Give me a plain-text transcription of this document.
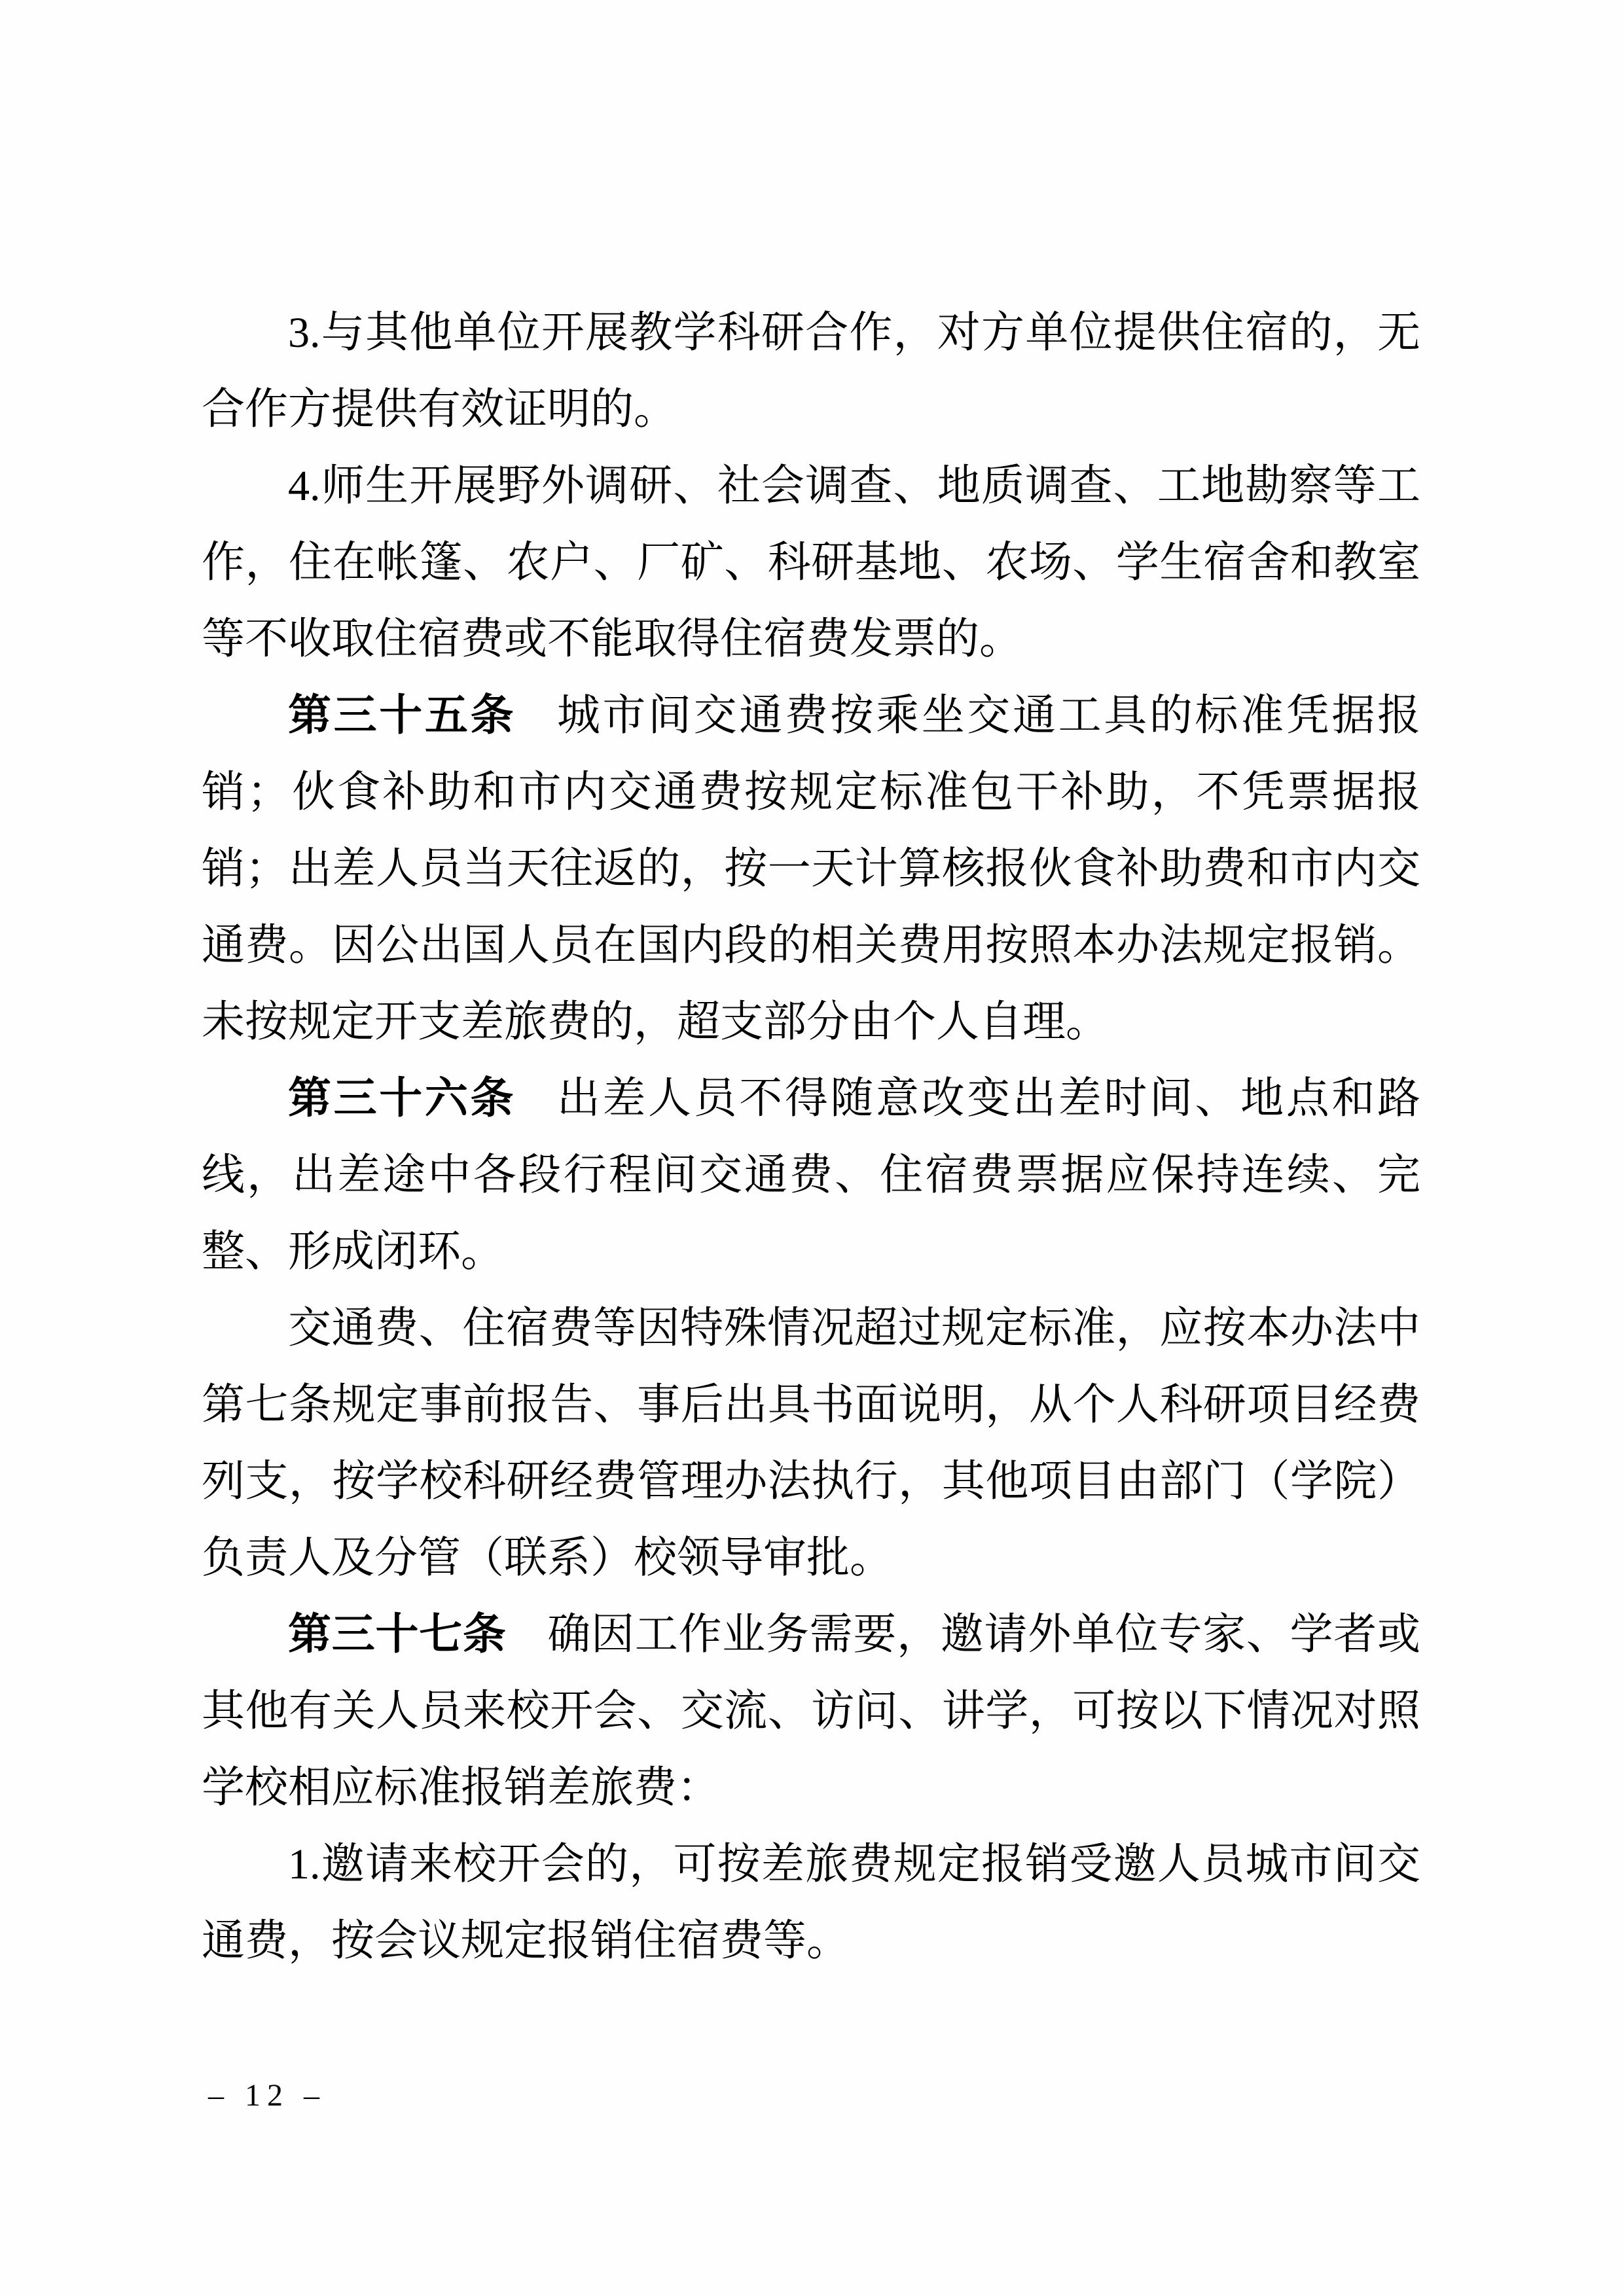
3.与其他单位开展教学科研合作，对方单位提供住宿的，无合作方提供有效证明的。

4.师生开展野外调研、社会调查、地质调查、工地勘察等工作，住在帐篷、农户、厂矿、科研基地、农场、学生宿舍和教室等不收取住宿费或不能取得住宿费发票的。

第三十五条 城市间交通费按乘坐交通工具的标准凭据报销；伙食补助和市内交通费按规定标准包干补助，不凭票据报销；出差人员当天往返的，按一天计算核报伙食补助费和市内交通费。因公出国人员在国内段的相关费用按照本办法规定报销。未按规定开支差旅费的，超支部分由个人自理。

第三十六条 出差人员不得随意改变出差时间、地点和路线，出差途中各段行程间交通费、住宿费票据应保持连续、完整、形成闭环。

交通费、住宿费等因特殊情况超过规定标准，应按本办法中第七条规定事前报告、事后出具书面说明，从个人科研项目经费列支，按学校科研经费管理办法执行，其他项目由部门（学院）负责人及分管（联系）校领导审批。

第三十七条 确因工作业务需要，邀请外单位专家、学者或其他有关人员来校开会、交流、访问、讲学，可按以下情况对照学校相应标准报销差旅费：

1.邀请来校开会的，可按差旅费规定报销受邀人员城市间交通费，按会议规定报销住宿费等。

– 12 –
